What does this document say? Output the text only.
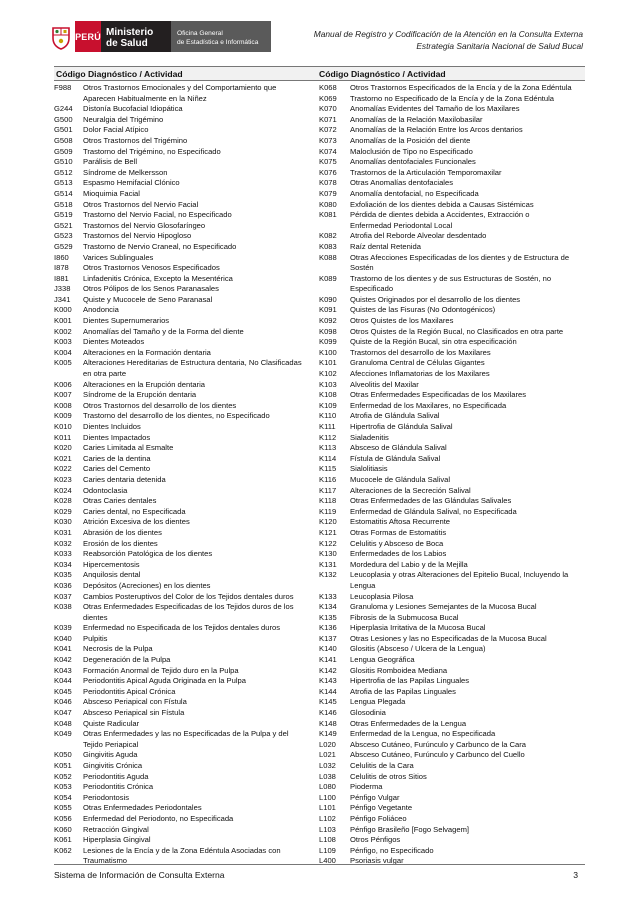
PERÚ Ministerio
de Salud
Oficina General
de Estadística e Informática
Manual de Registro y Codificación de la Atención en la Consulta Externa
Estrategia Sanitaria Nacional de Salud Bucal
Código Diagnóstico / Actividad
F988	Otros Trastornos Emocionales y del Comportamiento que
Aparecen Habitualmente en la Niñez
G244	Distonía Bucofacial Idiopática
G500	Neuralgia del Trigémino
G501	Dolor Facial Atípico
G508	Otros Trastornos del Trigémino
G509	Trastorno del Trigémino, no Especificado
G510	Parálisis de Bell
G512	Síndrome de Melkersson
G513	Espasmo Hemifacial Clónico
G514	Mioquimia Facial
G518	Otros Trastornos del Nervio Facial
G519	Trastorno del Nervio Facial, no Especificado
G521	Trastornos del Nervio Glosofaríngeo
G523	Trastornos del Nervio Hipogloso
G529	Trastorno de Nervio Craneal, no Especificado
I860	Varices Sublinguales
I878	Otros Trastornos Venosos Especificados
I881	Linfadenitis Crónica, Excepto la Mesentérica
J338	Otros Pólipos de los Senos Paranasales
J341	Quiste y Mucocele de Seno Paranasal
K000	Anodoncia
K001	Dientes Supernumerarios
K002	Anomalías del Tamaño y de la Forma del diente
K003	Dientes Moteados
K004	Alteraciones en la Formación dentaria
K005	Alteraciones Hereditarias de Estructura dentaria, No Clasificadas
en otra parte
K006	Alteraciones en la Erupción dentaria
K007	Síndrome de la Erupción dentaria
K008	Otros Trastornos del desarrollo de los dientes
K009	Trastorno del desarrollo de los dientes, no Especificado
K010	Dientes Incluidos
K011	Dientes Impactados
K020	Caries Limitada al Esmalte
K021	Caries de la dentina
K022	Caries del Cemento
K023	Caries dentaria detenida
K024	Odontoclasia
K028	Otras Caries dentales
K029	Caries dental, no Especificada
K030	Atrición Excesiva de los dientes
K031	Abrasión de los dientes
K032	Erosión de los dientes
K033	Reabsorción Patológica de los dientes
K034	Hipercementosis
K035	Anquilosis dental
K036	Depósitos (Acreciones) en los dientes
K037	Cambios Posteruptivos del Color de los Tejidos dentales duros
K038	Otras Enfermedades Especificadas de los Tejidos duros de los
dientes
K039	Enfermedad no Especificada de los Tejidos dentales duros
K040	Pulpitis
K041	Necrosis de la Pulpa
K042	Degeneración de la Pulpa
K043	Formación Anormal de Tejido duro en la Pulpa
K044	Periodontitis Apical Aguda Originada en la Pulpa
K045	Periodontitis Apical Crónica
K046	Absceso Periapical con Fístula
K047	Absceso Periapical sin Fístula
K048	Quiste Radicular
K049	Otras Enfermedades y las no Especificadas de la Pulpa y del
Tejido Periapical
K050	Gingivitis Aguda
K051	Gingivitis Crónica
K052	Periodontitis Aguda
K053	Periodontitis Crónica
K054	Periodontosis
K055	Otras Enfermedades Periodontales
K056	Enfermedad del Periodonto, no Especificada
K060	Retracción Gingival
K061	Hiperplasia Gingival
K062	Lesiones de la Encía y de la Zona Edéntula Asociadas con
Traumatismo
Código Diagnóstico / Actividad
K068	Otros Trastornos Especificados de la Encía y de la Zona Edéntula
K069	Trastorno no Especificado de la Encía y de la Zona Edéntula
K070	Anomalías Evidentes del Tamaño de los Maxilares
K071	Anomalías de la Relación Maxilobasilar
K072	Anomalías de la Relación Entre los Arcos dentarios
K073	Anomalías de la Posición del diente
K074	Maloclusión de Tipo no Especificado
K075	Anomalías dentofaciales Funcionales
K076	Trastornos de la Articulación Temporomaxilar
K078	Otras Anomalías dentofaciales
K079	Anomalía dentofacial, no Especificada
K080	Exfoliación de los dientes debida a Causas Sistémicas
K081	Pérdida de dientes debida a Accidentes, Extracción o
Enfermedad Periodontal Local
K082	Atrofia del Reborde Alveolar desdentado
K083	Raíz dental Retenida
K088	Otras Afecciones Especificadas de los dientes y de Estructura de
Sostén
K089	Trastorno de los dientes y de sus Estructuras de Sostén, no
Especificado
K090	Quistes Originados por el desarrollo de los dientes
K091	Quistes de las Fisuras (No Odontogénicos)
K092	Otros Quistes de los Maxilares
K098	Otros Quistes de la Región Bucal, no Clasificados en otra parte
K099	Quiste de la Región Bucal, sin otra especificación
K100	Trastornos del desarrollo de los Maxilares
K101	Granuloma Central de Células Gigantes
K102	Afecciones Inflamatorias de los Maxilares
K103	Alveolitis del Maxilar
K108	Otras Enfermedades Especificadas de los Maxilares
K109	Enfermedad de los Maxilares, no Especificada
K110	Atrofia de Glándula Salival
K111	Hipertrofia de Glándula Salival
K112	Sialadenitis
K113	Absceso de Glándula Salival
K114	Fístula de Glándula Salival
K115	Sialolitiasis
K116	Mucocele de Glándula Salival
K117	Alteraciones de la Secreción Salival
K118	Otras Enfermedades de las Glándulas Salivales
K119	Enfermedad de Glándula Salival, no Especificada
K120	Estomatitis Aftosa Recurrente
K121	Otras Formas de Estomatitis
K122	Celulitis y Absceso de Boca
K130	Enfermedades de los Labios
K131	Mordedura del Labio y de la Mejilla
K132	Leucoplasia y otras Alteraciones del Epitelio Bucal, Incluyendo la
Lengua
K133	Leucoplasia Pilosa
K134	Granuloma y Lesiones Semejantes de la Mucosa Bucal
K135	Fibrosis de la Submucosa Bucal
K136	Hiperplasia Irritativa de la Mucosa Bucal
K137	Otras Lesiones y las no Especificadas de la Mucosa Bucal
K140	Glositis (Absceso / Ulcera de la Lengua)
K141	Lengua Geográfica
K142	Glositis Romboidea Mediana
K143	Hipertrofia de las Papilas Linguales
K144	Atrofia de las Papilas Linguales
K145	Lengua Plegada
K146	Glosodinia
K148	Otras Enfermedades de la Lengua
K149	Enfermedad de la Lengua, no Especificada
L020	Absceso Cutáneo, Furúnculo y Carbunco de la Cara
L021	Absceso Cutáneo, Furúnculo y Carbunco del Cuello
L032	Celulitis de la Cara
L038	Celulitis de otros Sitios
L080	Pioderma
L100	Pénfigo Vulgar
L101	Pénfigo Vegetante
L102	Pénfigo Foliáceo
L103	Pénfigo Brasileño [Fogo Selvagem]
L108	Otros Pénfigos
L109	Pénfigo, no Especificado
L400	Psoriasis vulgar
Sistema de Información de Consulta Externa	3
